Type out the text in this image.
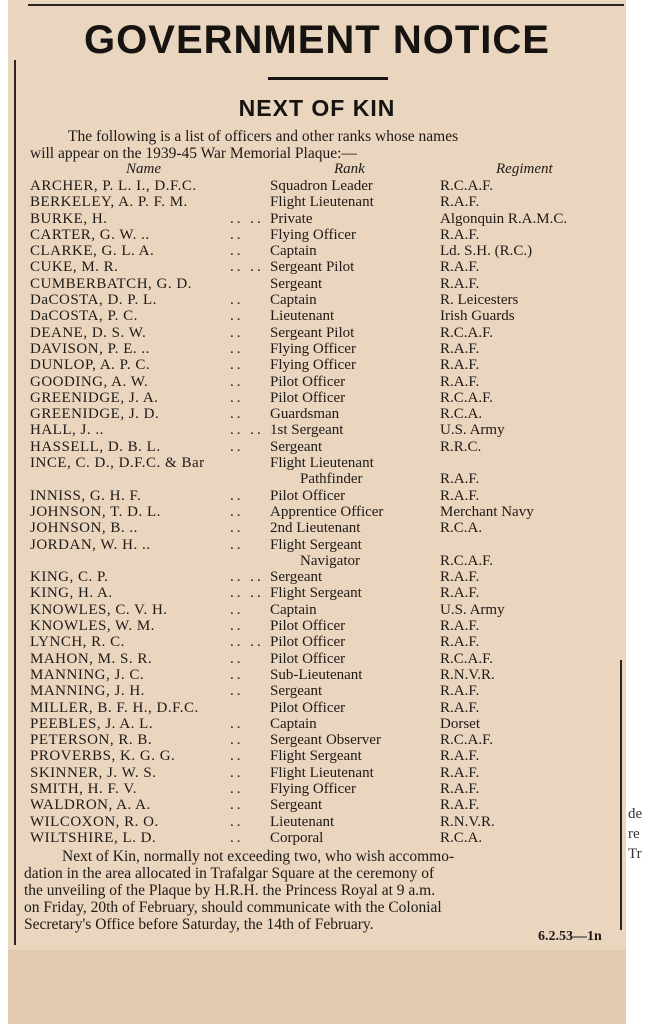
GOVERNMENT NOTICE
NEXT OF KIN
The following is a list of officers and other ranks whose names
will appear on the 1939-45 War Memorial Plaque:—
Name	Rank	Regiment
ARCHER, P. L. I., D.F.C.	Squadron Leader	R.C.A.F.
BERKELEY, A. P. F. M.	Flight Lieutenant	R.A.F.
BURKE, H.	.. .. Private	Algonquin R.A.M.C.
CARTER, G. W. ..	.. Flying Officer	R.A.F.
CLARKE, G. L. A.	.. Captain	Ld. S.H. (R.C.)
CUKE, M. R.	.. .. Sergeant Pilot	R.A.F.
CUMBERBATCH, G. D.	Sergeant	R.A.F.
DaCOSTA, D. P. L.	.. Captain	R. Leicesters
DaCOSTA, P. C.	.. Lieutenant	Irish Guards
DEANE, D. S. W.	.. Sergeant Pilot	R.C.A.F.
DAVISON, P. E. ..	.. Flying Officer	R.A.F.
DUNLOP, A. P. C.	.. Flying Officer	R.A.F.
GOODING, A. W.	.. Pilot Officer	R.A.F.
GREENIDGE, J. A.	.. Pilot Officer	R.C.A.F.
GREENIDGE, J. D.	.. Guardsman	R.C.A.
HALL, J. ..	.. .. 1st Sergeant	U.S. Army
HASSELL, D. B. L.	.. Sergeant	R.R.C.
INCE, C. D., D.F.C. & Bar	Flight Lieutenant
Pathfinder	R.A.F.
INNISS, G. H. F.	.. Pilot Officer	R.A.F.
JOHNSON, T. D. L.	.. Apprentice Officer	Merchant Navy
JOHNSON, B. ..	.. 2nd Lieutenant	R.C.A.
JORDAN, W. H. ..	.. Flight Sergeant
Navigator	R.C.A.F.
KING, C. P.	.. .. Sergeant	R.A.F.
KING, H. A.	.. .. Flight Sergeant	R.A.F.
KNOWLES, C. V. H.	.. Captain	U.S. Army
KNOWLES, W. M.	.. Pilot Officer	R.A.F.
LYNCH, R. C.	.. .. Pilot Officer	R.A.F.
MAHON, M. S. R.	.. Pilot Officer	R.C.A.F.
MANNING, J. C.	.. Sub-Lieutenant	R.N.V.R.
MANNING, J. H.	.. Sergeant	R.A.F.
MILLER, B. F. H., D.F.C.	Pilot Officer	R.A.F.
PEEBLES, J. A. L.	.. Captain	Dorset
PETERSON, R. B.	.. Sergeant Observer	R.C.A.F.
PROVERBS, K. G. G.	.. Flight Sergeant	R.A.F.
SKINNER, J. W. S.	.. Flight Lieutenant	R.A.F.
SMITH, H. F. V.	.. Flying Officer	R.A.F.
WALDRON, A. A.	.. Sergeant	R.A.F.
WILCOXON, R. O.	.. Lieutenant	R.N.V.R.
WILTSHIRE, L. D.	.. Corporal	R.C.A.
Next of Kin, normally not exceeding two, who wish accommo-
dation in the area allocated in Trafalgar Square at the ceremony of
the unveiling of the Plaque by H.R.H. the Princess Royal at 9 a.m.
on Friday, 20th of February, should communicate with the Colonial
Secretary's Office before Saturday, the 14th of February.
6.2.53—1n
de
re
Tr
